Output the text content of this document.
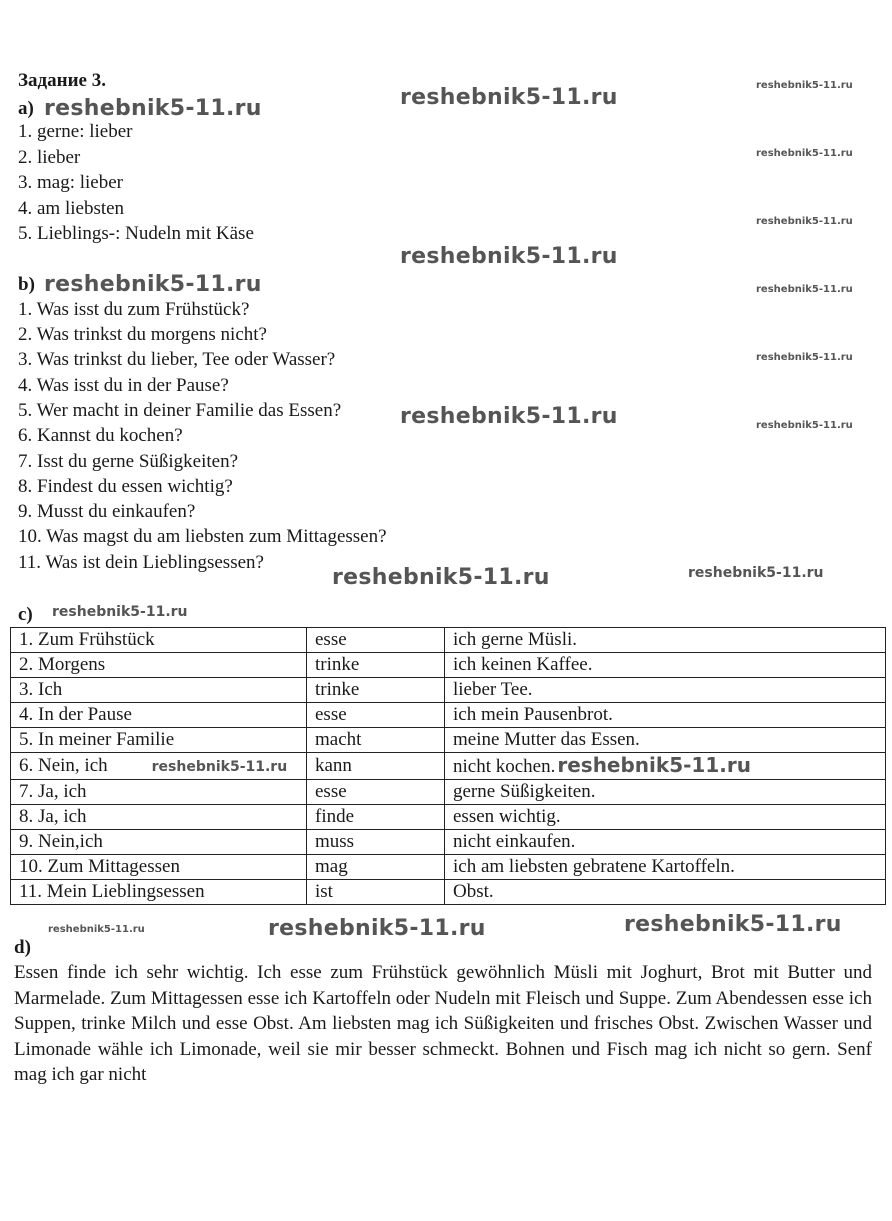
Задание 3.
a) reshebnik5-11.ru	reshebnik5-11.ru	reshebnik5-11.ru
1. gerne: lieber
2. lieber
3. mag: lieber
4. am liebsten
5. Lieblings-: Nudeln mit Käse
reshebnik5-11.ru
reshebnik5-11.ru
reshebnik5-11.ru
b) reshebnik5-11.ru	reshebnik5-11.ru
1. Was isst du zum Frühstück?
2. Was trinkst du morgens nicht?
3. Was trinkst du lieber, Tee oder Wasser?
4. Was isst du in der Pause?
5. Wer macht in deiner Familie das Essen?
6. Kannst du kochen?
7. Isst du gerne Süßigkeiten?
8. Findest du essen wichtig?
9. Musst du einkaufen?
10. Was magst du am liebsten zum Mittagessen?
11. Was ist dein Lieblingsessen?
reshebnik5-11.ru
reshebnik5-11.ru	reshebnik5-11.ru
reshebnik5-11.ru	reshebnik5-11.ru
c) reshebnik5-11.ru
1. Zum Frühstück	esse	ich gerne Müsli.
2. Morgens	trinke	ich keinen Kaffee.
3. Ich	trinke	lieber Tee.
4. In der Pause	esse	ich mein Pausenbrot.
5. In meiner Familie	macht	meine Mutter das Essen.
6. Nein, ich reshebnik5-11.ru	kann	nicht kochen. reshebnik5-11.ru
7. Ja, ich	esse	gerne Süßigkeiten.
8. Ja, ich	finde	essen wichtig.
9. Nein,ich	muss	nicht einkaufen.
10. Zum Mittagessen	mag	ich am liebsten gebratene Kartoffeln.
11. Mein Lieblingsessen	ist	Obst.
reshebnik5-11.ru	reshebnik5-11.ru	reshebnik5-11.ru
d)
Essen finde ich sehr wichtig. Ich esse zum Frühstück gewöhnlich Müsli mit Joghurt, Brot mit Butter und Marmelade. Zum Mittagessen esse ich Kartoffeln oder Nudeln mit Fleisch und Suppe. Zum Abendessen esse ich Suppen, trinke Milch und esse Obst. Am liebsten mag ich Süßigkeiten und frisches Obst. Zwischen Wasser und Limonade wähle ich Limonade, weil sie mir besser schmeckt. Bohnen und Fisch mag ich nicht so gern. Senf mag ich gar nicht
